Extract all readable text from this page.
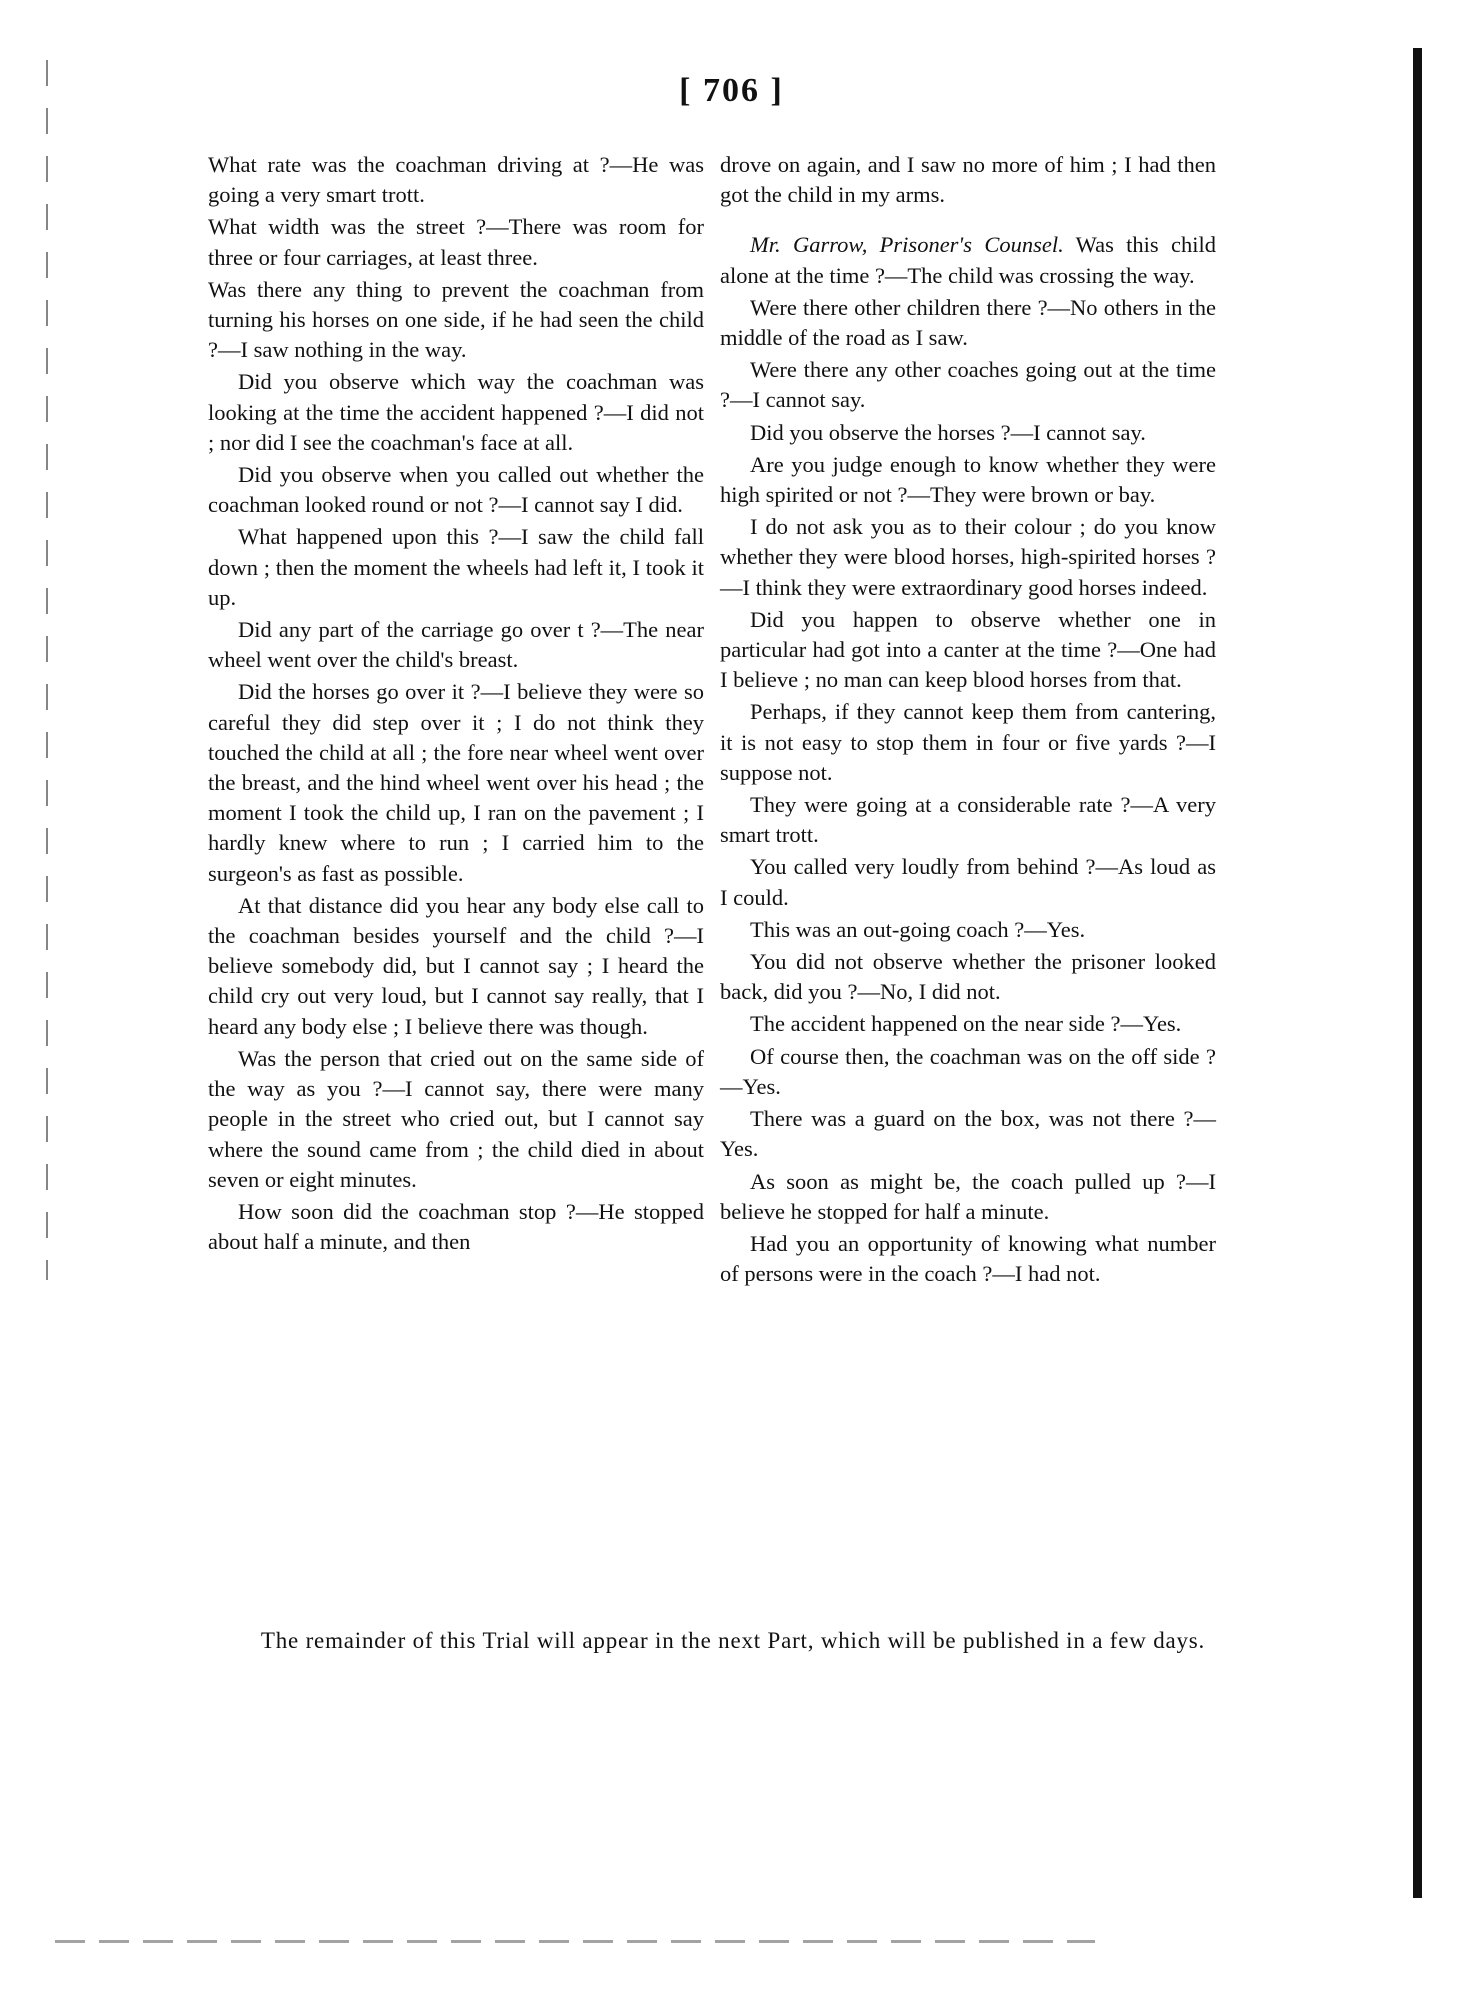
[ 706 ]

What rate was the coachman driving at ?—He was going a very smart trott.

What width was the street ?—There was room for three or four carriages, at least three.

Was there any thing to prevent the coachman from turning his horses on one side, if he had seen the child ?—I saw nothing in the way.

Did you observe which way the coachman was looking at the time the accident happened ?—I did not ; nor did I see the coachman's face at all.

Did you observe when you called out whether the coachman looked round or not ?—I cannot say I did.

What happened upon this ?—I saw the child fall down ; then the moment the wheels had left it, I took it up.

Did any part of the carriage go over t ?—The near wheel went over the child's breast.

Did the horses go over it ?—I believe they were so careful they did step over it ; I do not think they touched the child at all ; the fore near wheel went over the breast, and the hind wheel went over his head ; the moment I took the child up, I ran on the pavement ; I hardly knew where to run ; I carried him to the surgeon's as fast as possible.

At that distance did you hear any body else call to the coachman besides yourself and the child ?—I believe somebody did, but I cannot say ; I heard the child cry out very loud, but I cannot say really, that I heard any body else ; I believe there was though.

Was the person that cried out on the same side of the way as you ?—I cannot say, there were many people in the street who cried out, but I cannot say where the sound came from ; the child died in about seven or eight minutes.

How soon did the coachman stop ?—He stopped about half a minute, and then

drove on again, and I saw no more of him ; I had then got the child in my arms.

Mr. Garrow, Prisoner's Counsel. Was this child alone at the time ?—The child was crossing the way.

Were there other children there ?—No others in the middle of the road as I saw.

Were there any other coaches going out at the time ?—I cannot say.

Did you observe the horses ?—I cannot say.

Are you judge enough to know whether they were high spirited or not ?—They were brown or bay.

I do not ask you as to their colour ; do you know whether they were blood horses, high-spirited horses ?—I think they were extraordinary good horses indeed.

Did you happen to observe whether one in particular had got into a canter at the time ?—One had I believe ; no man can keep blood horses from that.

Perhaps, if they cannot keep them from cantering, it is not easy to stop them in four or five yards ?—I suppose not.

They were going at a considerable rate ?—A very smart trott.

You called very loudly from behind ?—As loud as I could.

This was an out-going coach ?—Yes.

You did not observe whether the prisoner looked back, did you ?—No, I did not.

The accident happened on the near side ?—Yes.

Of course then, the coachman was on the off side ?—Yes.

There was a guard on the box, was not there ?—Yes.

As soon as might be, the coach pulled up ?—I believe he stopped for half a minute.

Had you an opportunity of knowing what number of persons were in the coach ?—I had not.

The remainder of this Trial will appear in the next Part, which will be published in a few days.
